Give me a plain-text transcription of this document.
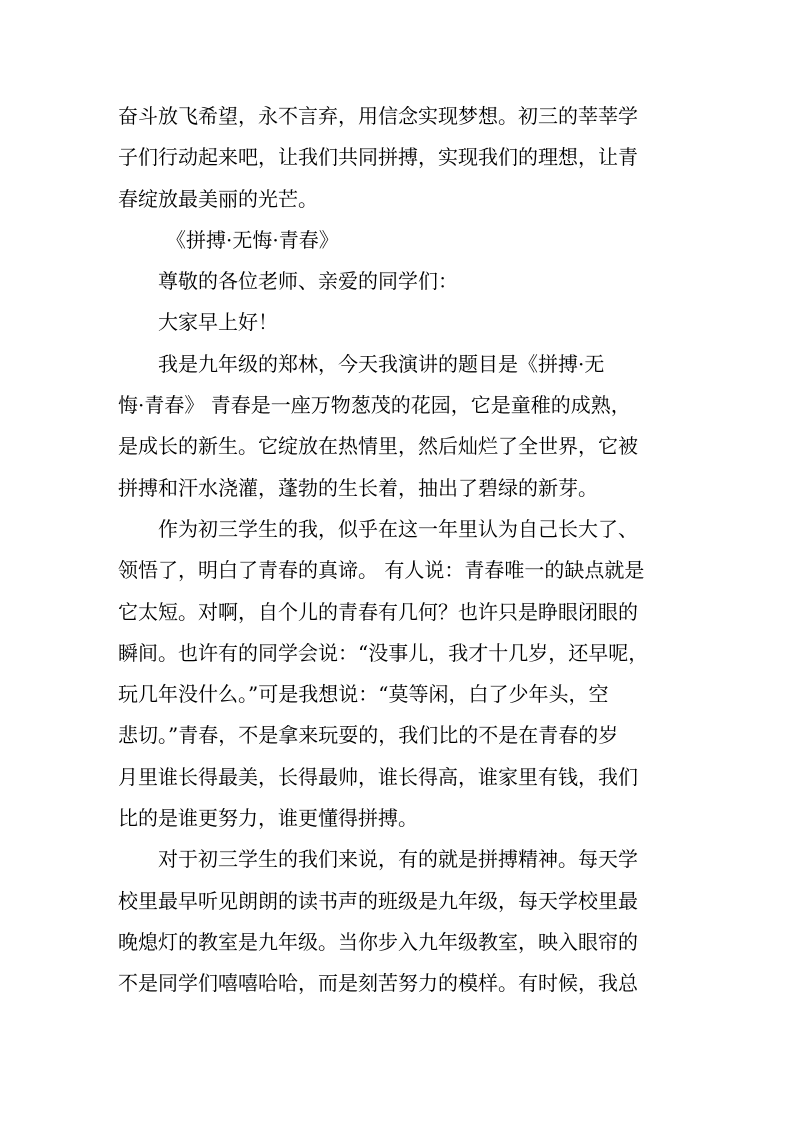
奋斗放飞希望，永不言弃，用信念实现梦想。初三的莘莘学
子们行动起来吧，让我们共同拼搏，实现我们的理想，让青
春绽放最美丽的光芒。
《拼搏·无悔·青春》
尊敬的各位老师、亲爱的同学们：
大家早上好！
我是九年级的郑林，今天我演讲的题目是《拼搏·无
悔·青春》 青春是一座万物葱茂的花园，它是童稚的成熟，
是成长的新生。它绽放在热情里，然后灿烂了全世界，它被
拼搏和汗水浇灌，蓬勃的生长着，抽出了碧绿的新芽。
作为初三学生的我，似乎在这一年里认为自己长大了、
领悟了，明白了青春的真谛。 有人说：青春唯一的缺点就是
它太短。对啊，自个儿的青春有几何？也许只是睁眼闭眼的
瞬间。也许有的同学会说：“没事儿，我才十几岁，还早呢，
玩几年没什么。”可是我想说：“莫等闲，白了少年头，空
悲切。”青春，不是拿来玩耍的，我们比的不是在青春的岁
月里谁长得最美，长得最帅，谁长得高，谁家里有钱，我们
比的是谁更努力，谁更懂得拼搏。
对于初三学生的我们来说，有的就是拼搏精神。每天学
校里最早听见朗朗的读书声的班级是九年级，每天学校里最
晚熄灯的教室是九年级。当你步入九年级教室，映入眼帘的
不是同学们嘻嘻哈哈，而是刻苦努力的模样。有时候，我总
